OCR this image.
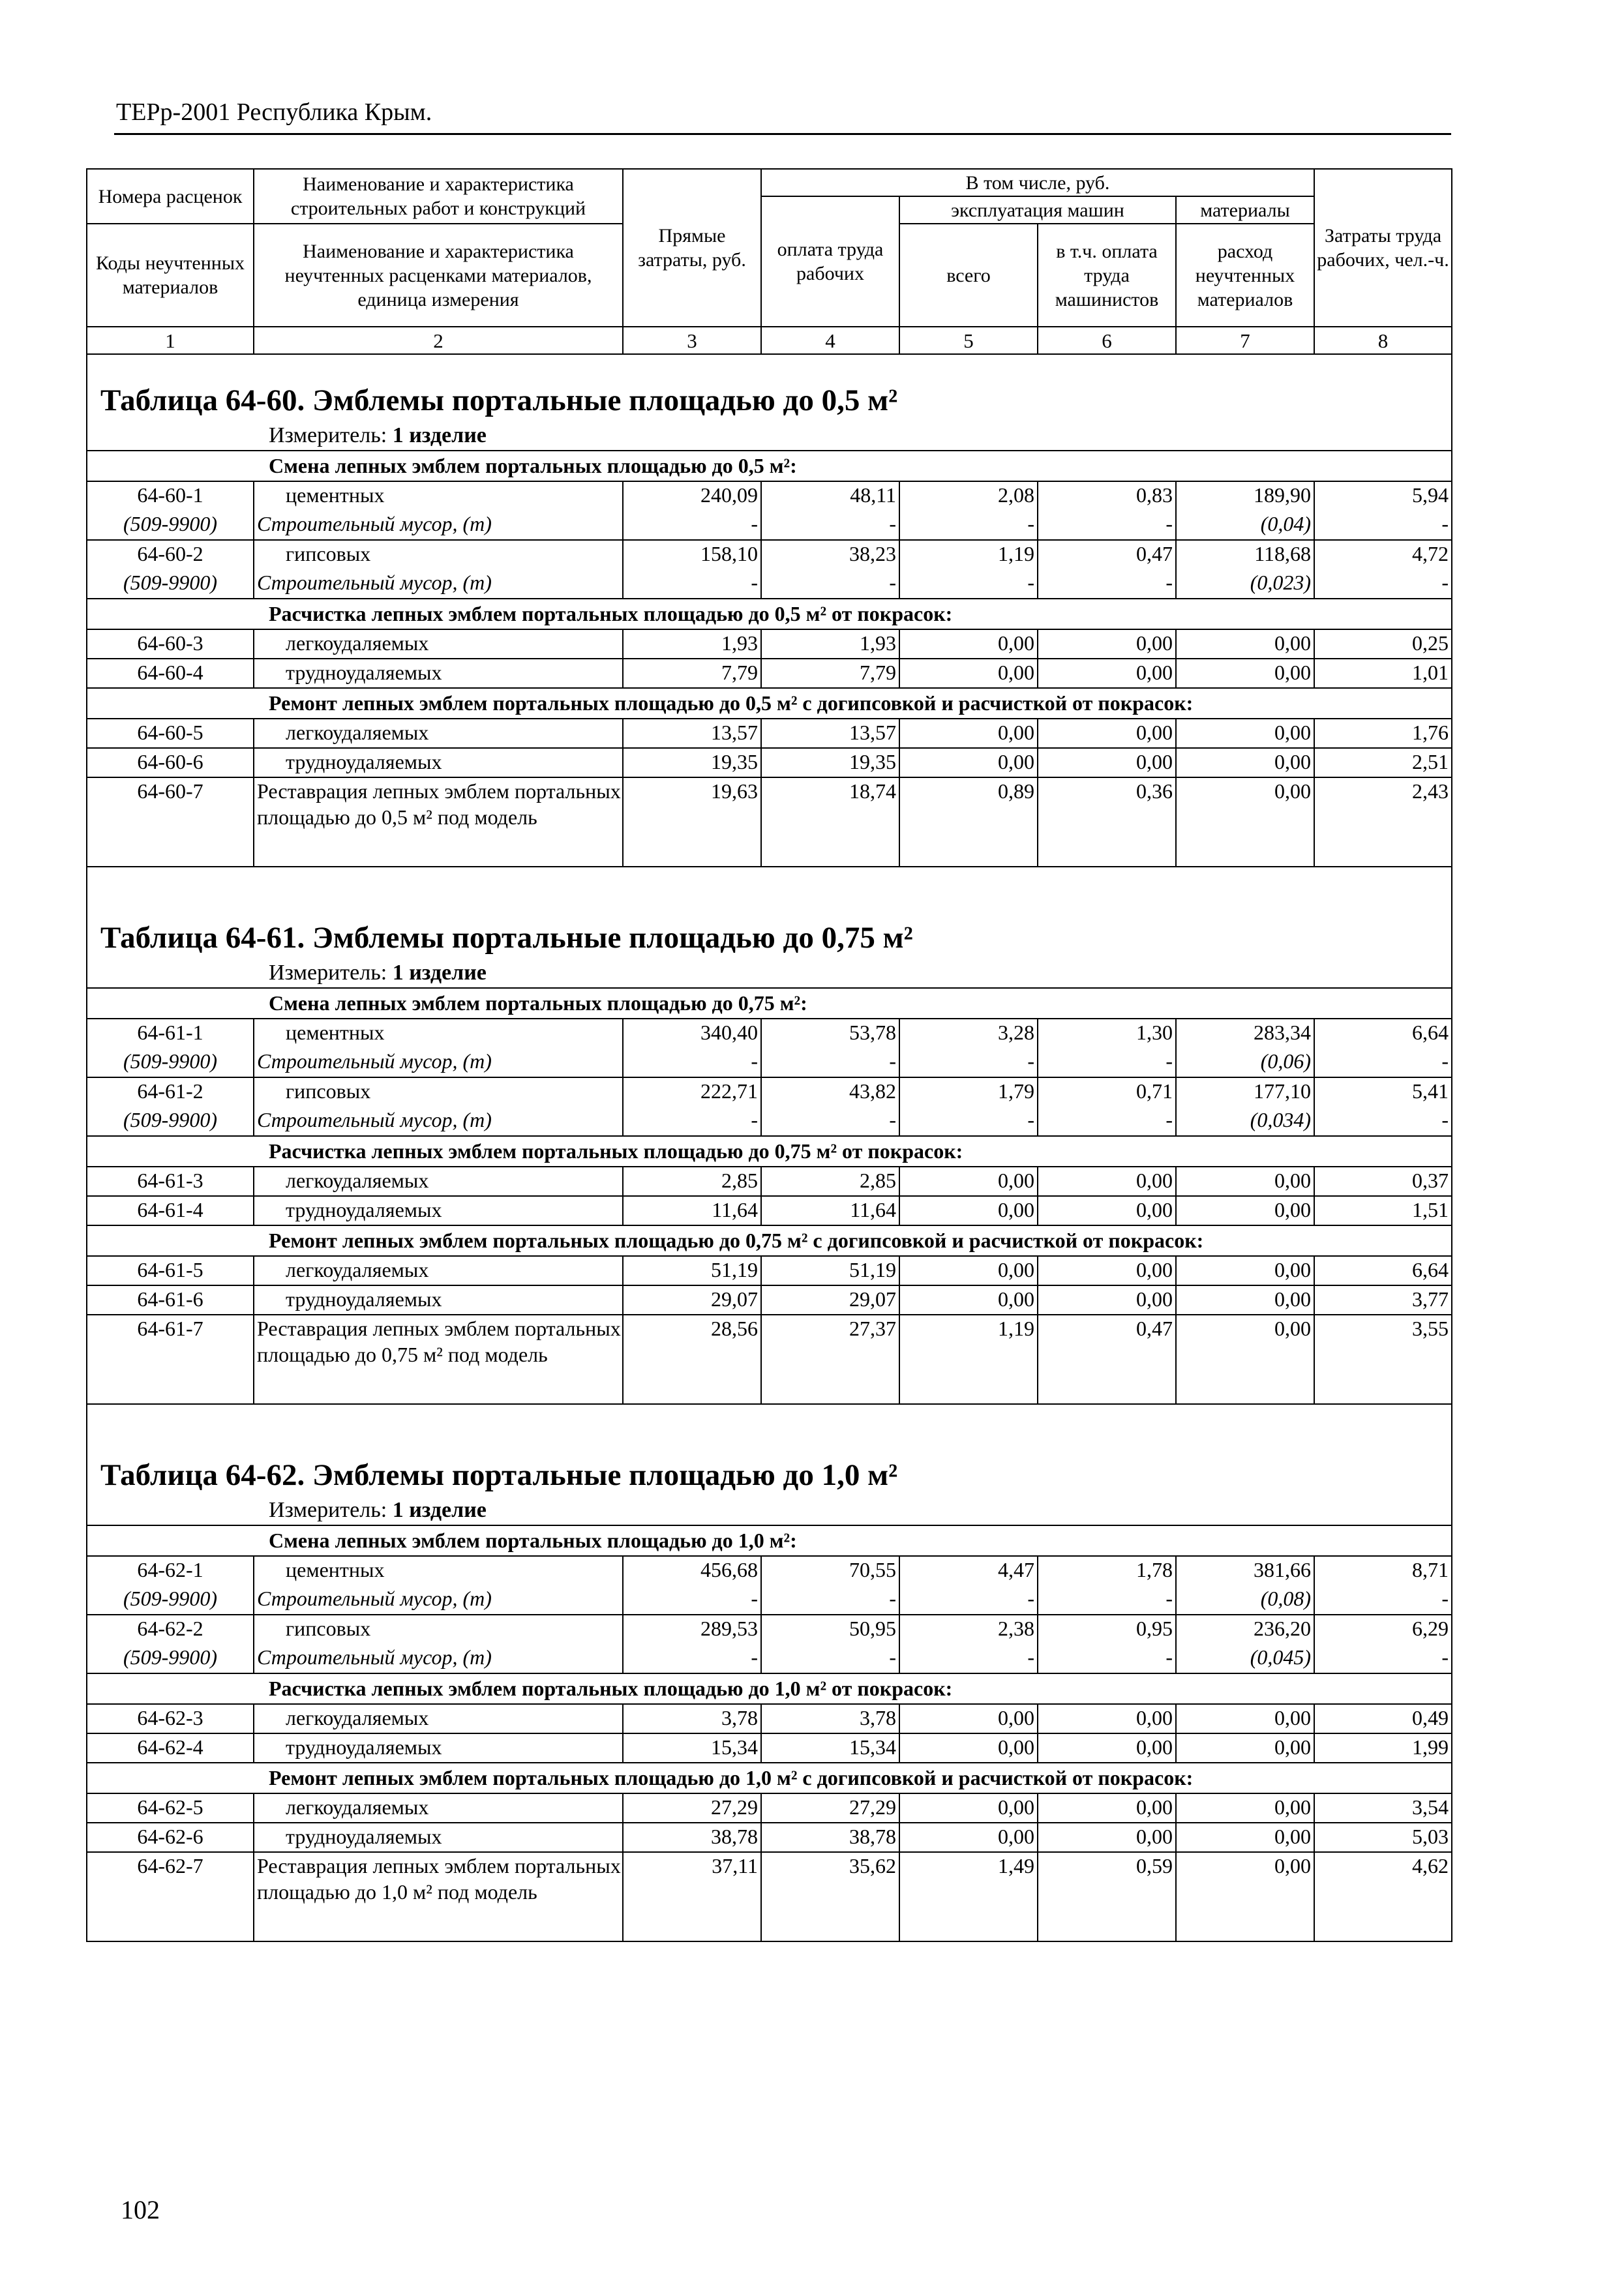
ТЕРр-2001 Республика Крым.
Номера расценок	Наименование и характеристика строительных работ и конструкций	Прямые затраты, руб.	В том числе, руб.				Затраты труда рабочих, чел.-ч.
			оплата труда рабочих	эксплуатация машин		материалы	
Коды неучтенных материалов	Наименование и характеристика неучтенных расценками материалов, единица измерения			всего	в т.ч. оплата труда машинистов	расход неучтенных материалов	

1	2	3	4	5	6	7	8

Таблица 64-60. Эмблемы портальные площадью до 0,5 м²							
Измеритель: 1 изделие							
Смена лепных эмблем портальных площадью до 0,5 м²:							
64-60-1	цементных	240,09	48,11	2,08	0,83	189,90	5,94
(509-9900)	Строительный мусор, (т)	-	-	-	-	(0,04)	-
64-60-2	гипсовых	158,10	38,23	1,19	0,47	118,68	4,72
(509-9900)	Строительный мусор, (т)	-	-	-	-	(0,023)	-
Расчистка лепных эмблем портальных площадью до 0,5 м² от покрасок:							
64-60-3	легкоудаляемых	1,93	1,93	0,00	0,00	0,00	0,25
64-60-4	трудноудаляемых	7,79	7,79	0,00	0,00	0,00	1,01
Ремонт лепных эмблем портальных площадью до 0,5 м² с догипсовкой и расчисткой от покрасок:							
64-60-5	легкоудаляемых	13,57	13,57	0,00	0,00	0,00	1,76
64-60-6	трудноудаляемых	19,35	19,35	0,00	0,00	0,00	2,51
64-60-7	Реставрация лепных эмблем портальных площадью до 0,5 м² под модель	19,63	18,74	0,89	0,36	0,00	2,43

Таблица 64-61. Эмблемы портальные площадью до 0,75 м²							
Измеритель: 1 изделие							
Смена лепных эмблем портальных площадью до 0,75 м²:							
64-61-1	цементных	340,40	53,78	3,28	1,30	283,34	6,64
(509-9900)	Строительный мусор, (т)	-	-	-	-	(0,06)	-
64-61-2	гипсовых	222,71	43,82	1,79	0,71	177,10	5,41
(509-9900)	Строительный мусор, (т)	-	-	-	-	(0,034)	-
Расчистка лепных эмблем портальных площадью до 0,75 м² от покрасок:							
64-61-3	легкоудаляемых	2,85	2,85	0,00	0,00	0,00	0,37
64-61-4	трудноудаляемых	11,64	11,64	0,00	0,00	0,00	1,51
Ремонт лепных эмблем портальных площадью до 0,75 м² с догипсовкой и расчисткой от покрасок:							
64-61-5	легкоудаляемых	51,19	51,19	0,00	0,00	0,00	6,64
64-61-6	трудноудаляемых	29,07	29,07	0,00	0,00	0,00	3,77
64-61-7	Реставрация лепных эмблем портальных площадью до 0,75 м² под модель	28,56	27,37	1,19	0,47	0,00	3,55

Таблица 64-62. Эмблемы портальные площадью до 1,0 м²							
Измеритель: 1 изделие							
Смена лепных эмблем портальных площадью до 1,0 м²:							
64-62-1	цементных	456,68	70,55	4,47	1,78	381,66	8,71
(509-9900)	Строительный мусор, (т)	-	-	-	-	(0,08)	-
64-62-2	гипсовых	289,53	50,95	2,38	0,95	236,20	6,29
(509-9900)	Строительный мусор, (т)	-	-	-	-	(0,045)	-
Расчистка лепных эмблем портальных площадью до 1,0 м² от покрасок:							
64-62-3	легкоудаляемых	3,78	3,78	0,00	0,00	0,00	0,49
64-62-4	трудноудаляемых	15,34	15,34	0,00	0,00	0,00	1,99
Ремонт лепных эмблем портальных площадью до 1,0 м² с догипсовкой и расчисткой от покрасок:							
64-62-5	легкоудаляемых	27,29	27,29	0,00	0,00	0,00	3,54
64-62-6	трудноудаляемых	38,78	38,78	0,00	0,00	0,00	5,03
64-62-7	Реставрация лепных эмблем портальных площадью до 1,0 м² под модель	37,11	35,62	1,49	0,59	0,00	4,62
102
